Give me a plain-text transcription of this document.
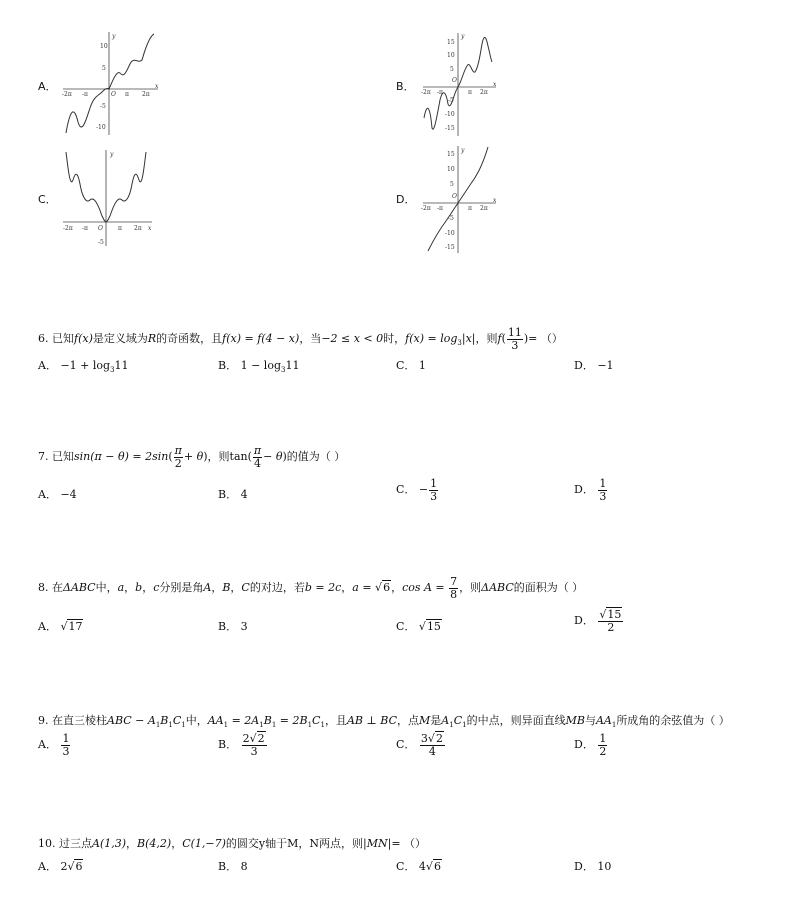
A．
y
x
10
5
-5
-10
-2π -π	O π 2π
B．
y
x
15
10
5
-5
-10
-15
-2π -π
O
π 2π
C．
y
x
-5
-2π -π O	π 2π
D．
y
x
15
10
5
-5
-10
-15
-2π -π
O
π 2π
6. 已知f(x)是定义域为R的奇函数，且f(x) = f(4 − x)，当−2 ≤ x < 0时，$f(x) = \log_3|x|$，则$f( \frac{11}{3}$ )= （）
A． $-1 + \log_311$	B． $1 - \log_311$	C． 1	D． −1
7. 已知$\sin(\pi - \theta) = 2\sin( \frac{\pi}{2} + \theta)$，则$\tan( \frac{\pi}{4} - \theta)$的值为（ ）
A． −4	B． 4	C． − $\frac{1}{3}$	D． $\frac{1}{3}$
8. 在ΔABC中，a，b，c分别是角A，B，C的对边，若b = 2c，a = √6，$\cos A = \frac{7}{8}$ ，则ΔABC的面积为（ ）
A． √17	B． 3	C． √15	D． $\frac{√15}{2}$
9. 在直三棱柱ABC − $A_1B_1C_1$中，$AA_1 = 2A_1B_1 = 2B_1C_1$，且AB ⊥ BC，点M是$A_1C_1$的中点，则异面直线MB与$AA_1$所成角的余弦值为（ ）
A． $\frac{1}{3}$	B． $\frac{2√2}{3}$	C． $\frac{3√2}{4}$	D． $\frac{1}{2}$
10. 过三点A(1,3)，B(4,2)，C(1,−7)的圆交y轴于M，N两点，则|MN|= （）
A． 2√6	B． 8	C． 4√6	D． 10
